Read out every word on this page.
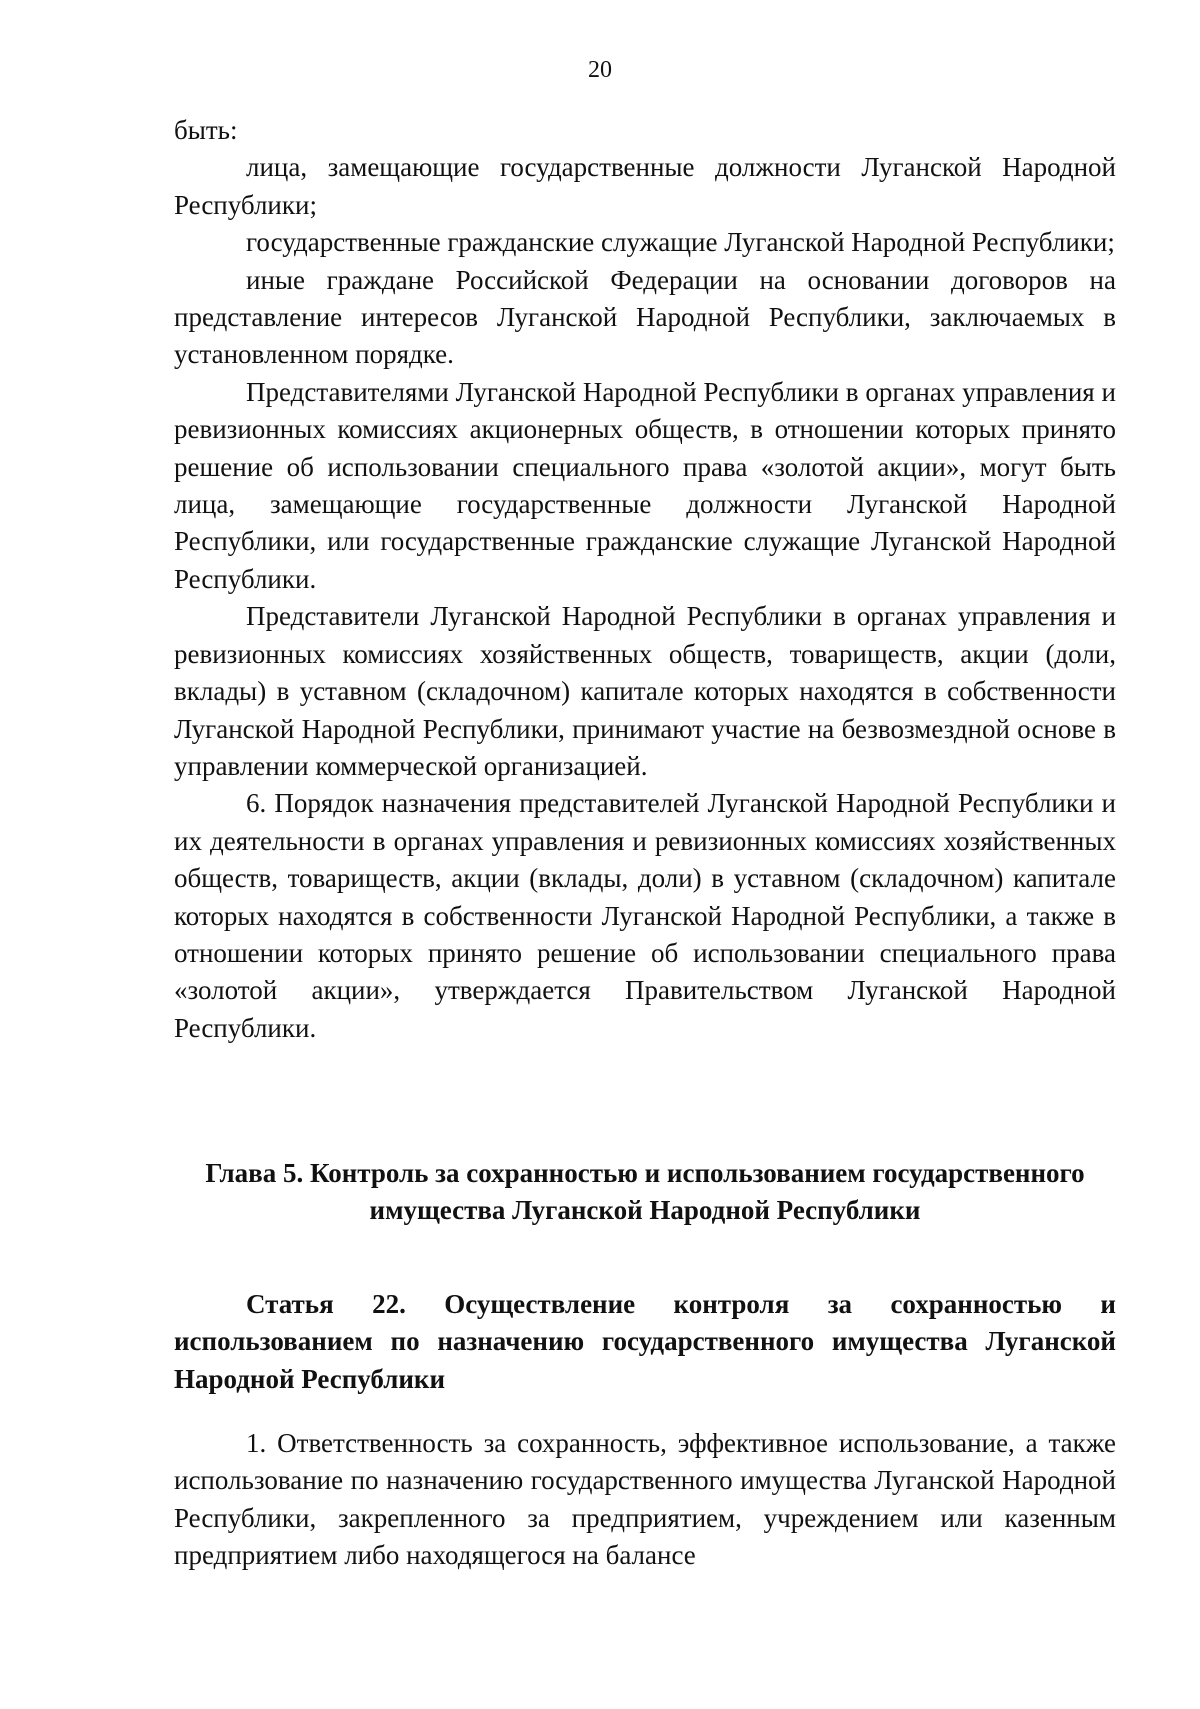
20

быть:

лица, замещающие государственные должности Луганской Народной Республики;

государственные гражданские служащие Луганской Народной Республики;

иные граждане Российской Федерации на основании договоров на представление интересов Луганской Народной Республики, заключаемых в установленном порядке.

Представителями Луганской Народной Республики в органах управления и ревизионных комиссиях акционерных обществ, в отношении которых принято решение об использовании специального права «золотой акции», могут быть лица, замещающие государственные должности Луганской Народной Республики, или государственные гражданские служащие Луганской Народной Республики.

Представители Луганской Народной Республики в органах управления и ревизионных комиссиях хозяйственных обществ, товариществ, акции (доли, вклады) в уставном (складочном) капитале которых находятся в собственности Луганской Народной Республики, принимают участие на безвозмездной основе в управлении коммерческой организацией.

6. Порядок назначения представителей Луганской Народной Республики и их деятельности в органах управления и ревизионных комиссиях хозяйственных обществ, товариществ, акции (вклады, доли) в уставном (складочном) капитале которых находятся в собственности Луганской Народной Республики, а также в отношении которых принято решение об использовании специального права «золотой акции», утверждается Правительством Луганской Народной Республики.

Глава 5. Контроль за сохранностью и использованием государственного
имущества Луганской Народной Республики

Статья 22. Осуществление контроля за сохранностью и использованием по назначению государственного имущества Луганской Народной Республики

1. Ответственность за сохранность, эффективное использование, а также использование по назначению государственного имущества Луганской Народной Республики, закрепленного за предприятием, учреждением или казенным предприятием либо находящегося на балансе
